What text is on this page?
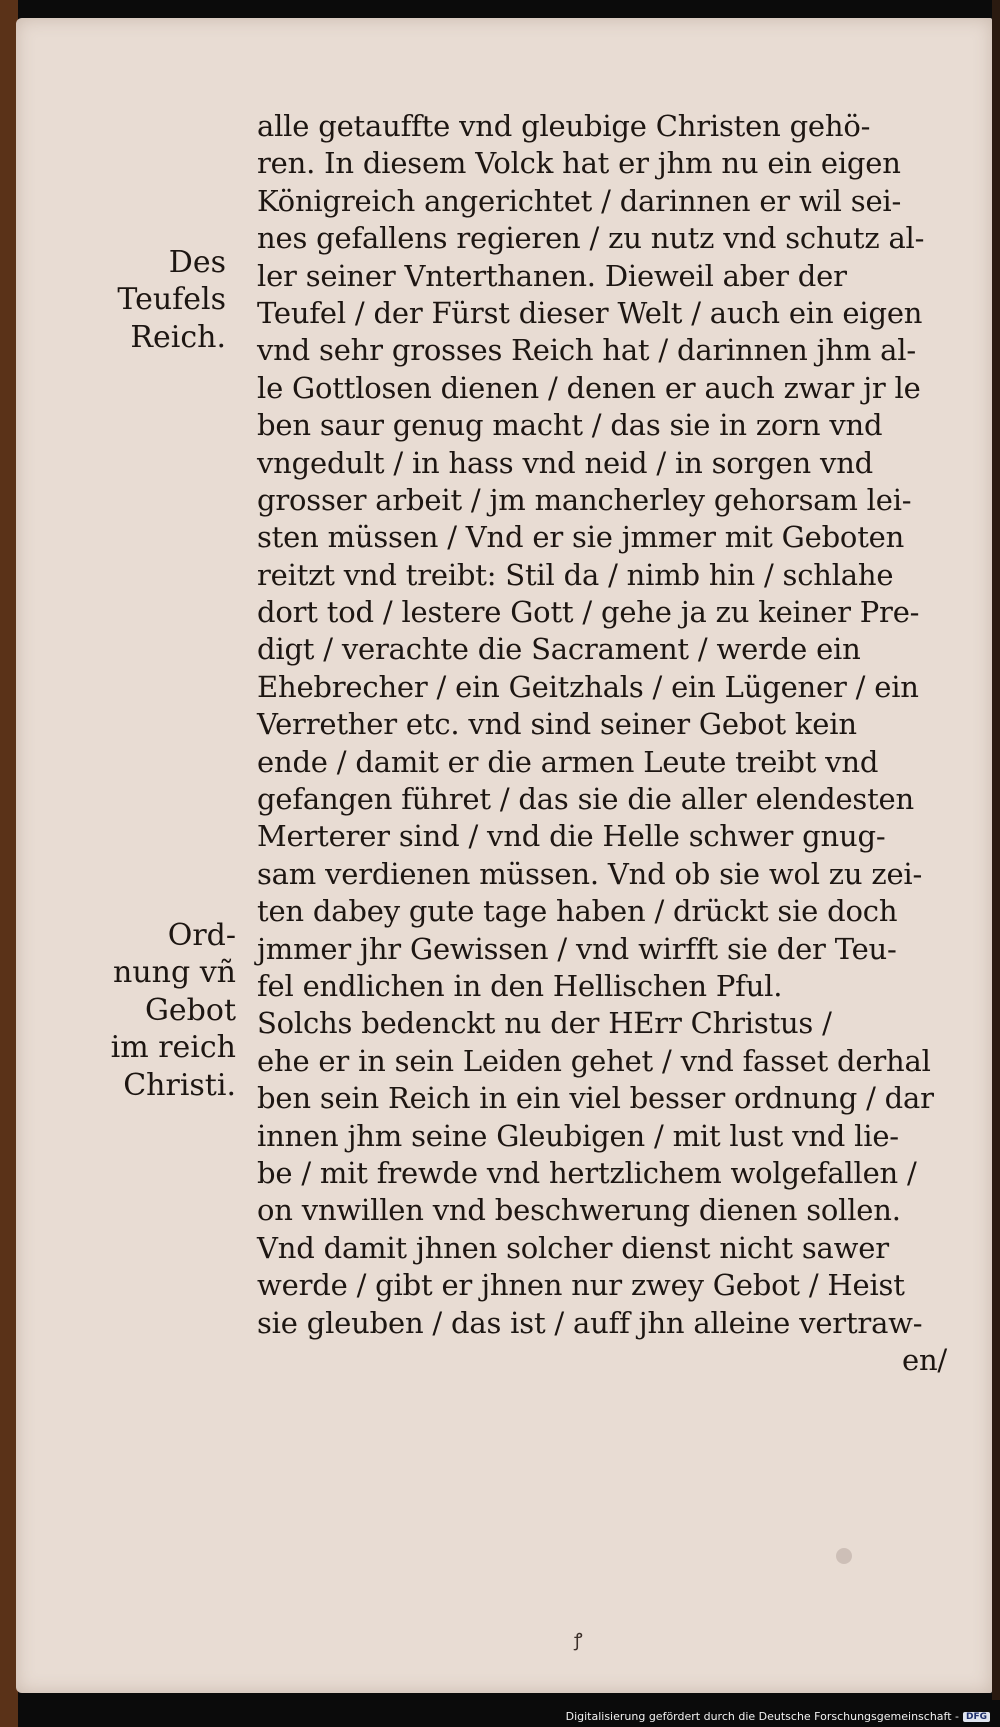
Des
Teufels
Reich.
Ord-
nung vñ
Gebot
im reich
Christi.
alle getauffte vnd gleubige Christen gehö-
ren. In diesem Volck hat er jhm nu ein eigen
Königreich angerichtet / darinnen er wil sei-
nes gefallens regieren / zu nutz vnd schutz al-
ler seiner Vnterthanen. Dieweil aber der
Teufel / der Fürst dieser Welt / auch ein eigen
vnd sehr grosses Reich hat / darinnen jhm al-
le Gottlosen dienen / denen er auch zwar jr le
ben saur genug macht / das sie in zorn vnd
vngedult / in hass vnd neid / in sorgen vnd
grosser arbeit / jm mancherley gehorsam lei-
sten müssen / Vnd er sie jmmer mit Geboten
reitzt vnd treibt: Stil da / nimb hin / schlahe
dort tod / lestere Gott / gehe ja zu keiner Pre-
digt / verachte die Sacrament / werde ein
Ehebrecher / ein Geitzhals / ein Lügener / ein
Verrether etc. vnd sind seiner Gebot kein
ende / damit er die armen Leute treibt vnd
gefangen führet / das sie die aller elendesten
Merterer sind / vnd die Helle schwer gnug-
sam verdienen müssen. Vnd ob sie wol zu zei-
ten dabey gute tage haben / drückt sie doch
jmmer jhr Gewissen / vnd wirfft sie der Teu-
fel endlichen in den Hellischen Pful.
Solchs bedenckt nu der HErr Christus /
ehe er in sein Leiden gehet / vnd fasset derhal
ben sein Reich in ein viel besser ordnung / dar
innen jhm seine Gleubigen / mit lust vnd lie-
be / mit frewde vnd hertzlichem wolgefallen /
on vnwillen vnd beschwerung dienen sollen.
Vnd damit jhnen solcher dienst nicht sawer
werde / gibt er jhnen nur zwey Gebot / Heist
sie gleuben / das ist / auff jhn alleine vertraw-
en/
ꝭ
Digitalisierung gefördert durch die Deutsche Forschungsgemeinschaft - DFG
